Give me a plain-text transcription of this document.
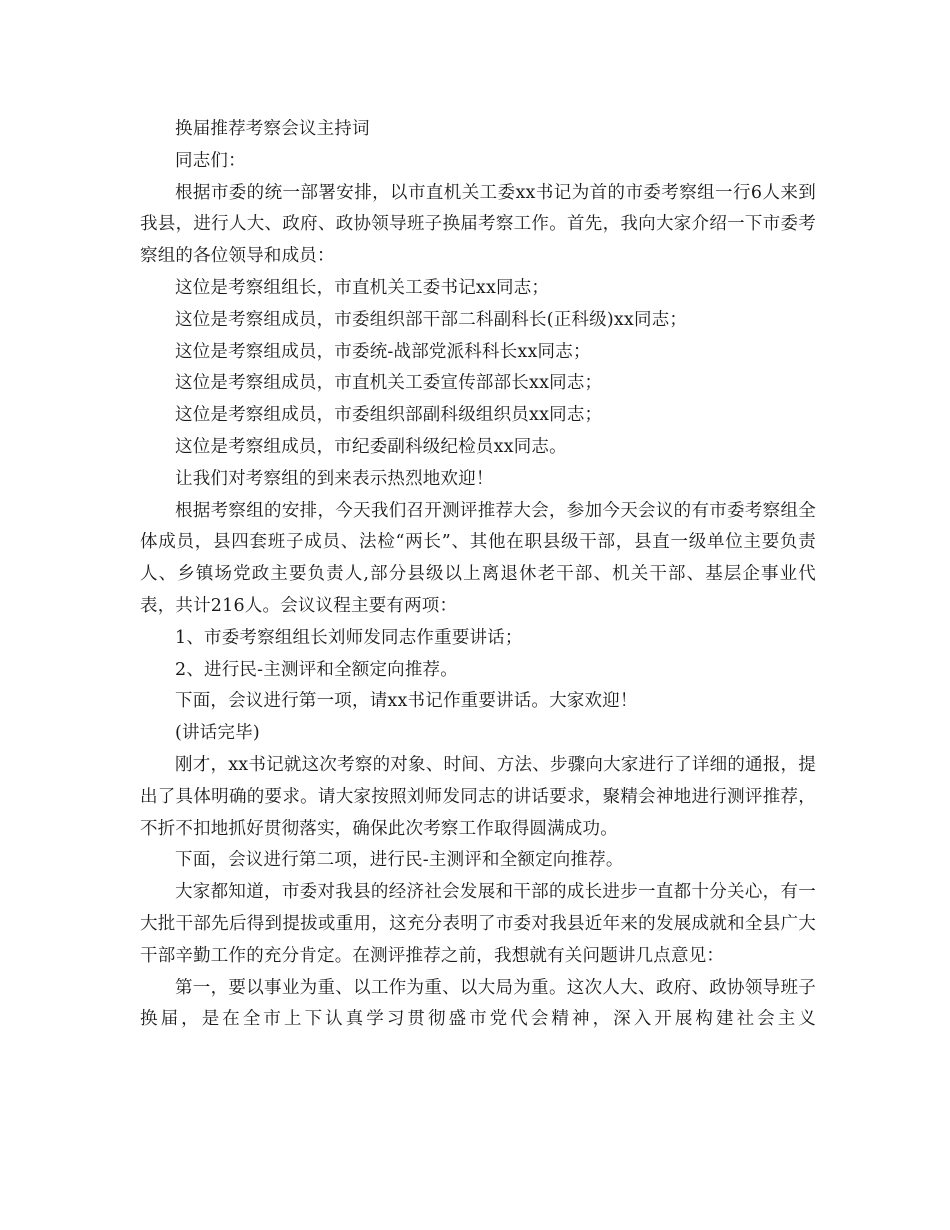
换届推荐考察会议主持词

同志们：

根据市委的统一部署安排，以市直机关工委xx书记为首的市委考察组一行6人来到我县，进行人大、政府、政协领导班子换届考察工作。首先，我向大家介绍一下市委考察组的各位领导和成员：

这位是考察组组长，市直机关工委书记xx同志；

这位是考察组成员，市委组织部干部二科副科长(正科级)xx同志；

这位是考察组成员，市委统-战部党派科科长xx同志；

这位是考察组成员，市直机关工委宣传部部长xx同志；

这位是考察组成员，市委组织部副科级组织员xx同志；

这位是考察组成员，市纪委副科级纪检员xx同志。

让我们对考察组的到来表示热烈地欢迎！

根据考察组的安排，今天我们召开测评推荐大会，参加今天会议的有市委考察组全体成员，县四套班子成员、法检“两长”、其他在职县级干部，县直一级单位主要负责人、乡镇场党政主要负责人,部分县级以上离退休老干部、机关干部、基层企事业代表，共计216人。会议议程主要有两项：

1、市委考察组组长刘师发同志作重要讲话；

2、进行民-主测评和全额定向推荐。

下面，会议进行第一项，请xx书记作重要讲话。大家欢迎！

(讲话完毕)

刚才，xx书记就这次考察的对象、时间、方法、步骤向大家进行了详细的通报，提出了具体明确的要求。请大家按照刘师发同志的讲话要求，聚精会神地进行测评推荐，不折不扣地抓好贯彻落实，确保此次考察工作取得圆满成功。

下面，会议进行第二项，进行民-主测评和全额定向推荐。

大家都知道，市委对我县的经济社会发展和干部的成长进步一直都十分关心，有一大批干部先后得到提拔或重用，这充分表明了市委对我县近年来的发展成就和全县广大干部辛勤工作的充分肯定。在测评推荐之前，我想就有关问题讲几点意见：

第一，要以事业为重、以工作为重、以大局为重。这次人大、政府、政协领导班子换届，是在全市上下认真学习贯彻盛市党代会精神，深入开展构建社会主义
